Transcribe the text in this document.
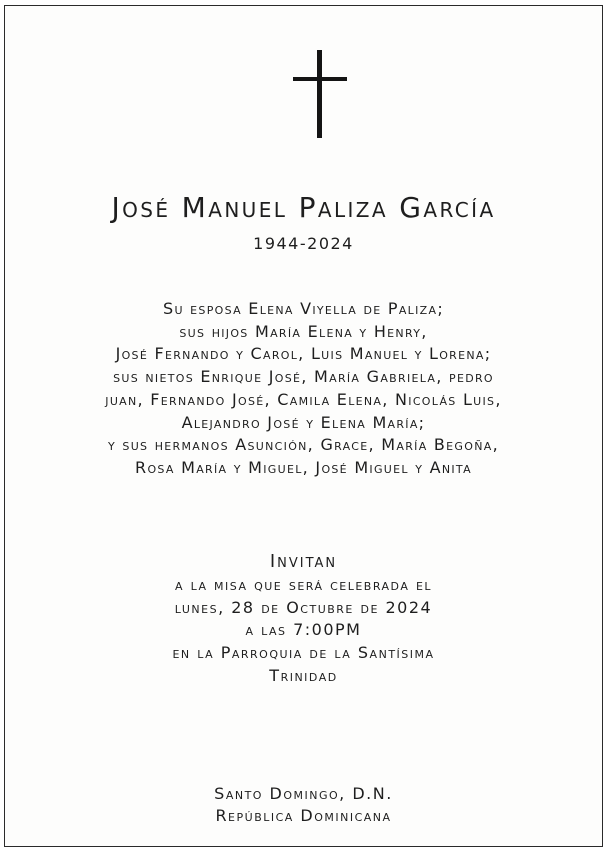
José Manuel Paliza García
1944-2024
Su esposa Elena Viyella de Paliza;
sus hijos María Elena y Henry,
José Fernando y Carol, Luis Manuel y Lorena;
sus nietos Enrique José, María Gabriela, pedro
juan, Fernando José, Camila Elena, Nicolás Luis,
Alejandro José y Elena María;
y sus hermanos Asunción, Grace, María Begoña,
Rosa María y Miguel, José Miguel y Anita
Invitan
a la misa que será celebrada el
lunes, 28 de Octubre de 2024
a las 7:00PM
en la Parroquia de la Santísima
Trinidad
Santo Domingo, D.N.
República Dominicana
